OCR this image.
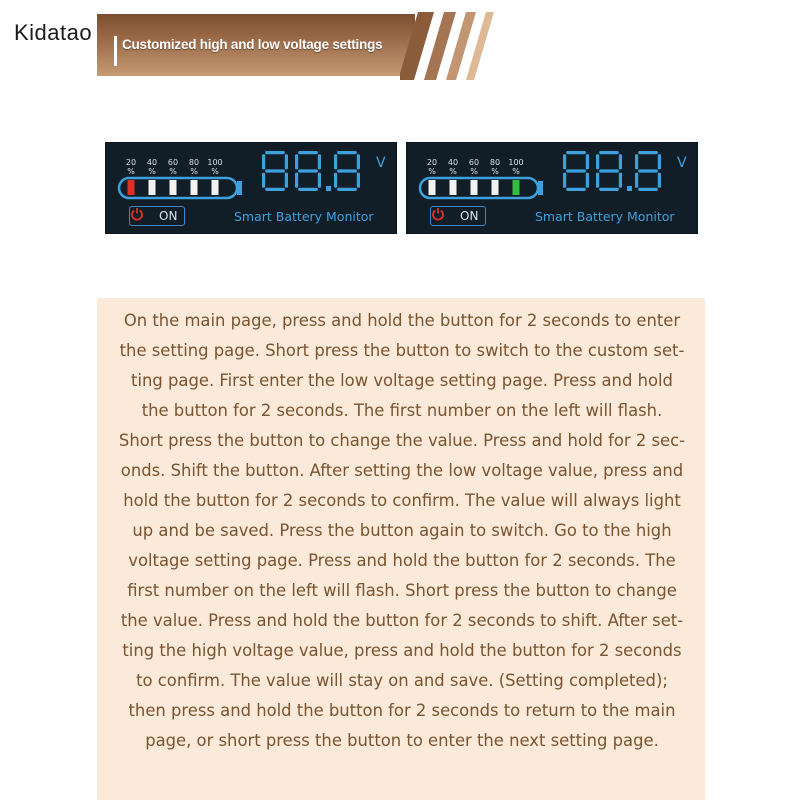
Kidatao Customized high and low voltage settings
20
%
40
%
60
%
80
%
100
%
V
ON	Smart Battery Monitor
20
%
40
%
60
%
80
%
100
%
V
ON	Smart Battery Monitor
On the main page, press and hold the button for 2 seconds to enter
the setting page. Short press the button to switch to the custom set-
ting page. First enter the low voltage setting page. Press and hold
the button for 2 seconds. The first number on the left will flash.
Short press the button to change the value. Press and hold for 2 sec-
onds. Shift the button. After setting the low voltage value, press and
hold the button for 2 seconds to confirm. The value will always light
up and be saved. Press the button again to switch. Go to the high
voltage setting page. Press and hold the button for 2 seconds. The
first number on the left will flash. Short press the button to change
the value. Press and hold the button for 2 seconds to shift. After set-
ting the high voltage value, press and hold the button for 2 seconds
to confirm. The value will stay on and save. (Setting completed);
then press and hold the button for 2 seconds to return to the main
page, or short press the button to enter the next setting page.
